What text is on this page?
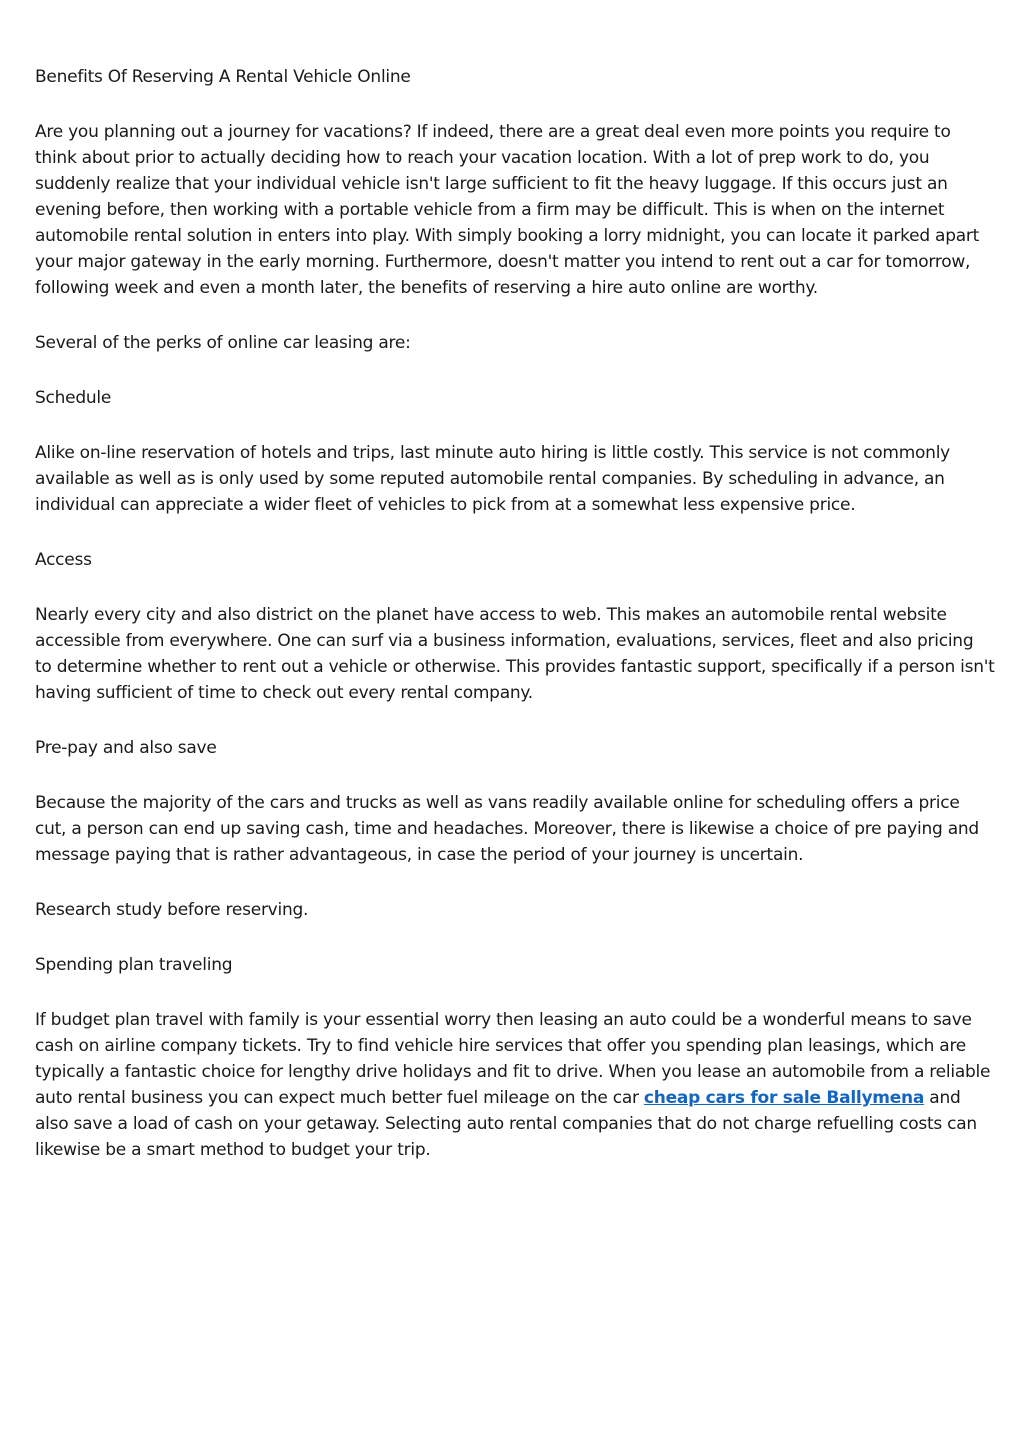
Benefits Of Reserving A Rental Vehicle Online

Are you planning out a journey for vacations? If indeed, there are a great deal even more points you require to think about prior to actually deciding how to reach your vacation location. With a lot of prep work to do, you suddenly realize that your individual vehicle isn't large sufficient to fit the heavy luggage. If this occurs just an evening before, then working with a portable vehicle from a firm may be difficult. This is when on the internet automobile rental solution in enters into play. With simply booking a lorry midnight, you can locate it parked apart your major gateway in the early morning. Furthermore, doesn't matter you intend to rent out a car for tomorrow, following week and even a month later, the benefits of reserving a hire auto online are worthy.

Several of the perks of online car leasing are:

Schedule

Alike on-line reservation of hotels and trips, last minute auto hiring is little costly. This service is not commonly available as well as is only used by some reputed automobile rental companies. By scheduling in advance, an individual can appreciate a wider fleet of vehicles to pick from at a somewhat less expensive price.

Access

Nearly every city and also district on the planet have access to web. This makes an automobile rental website accessible from everywhere. One can surf via a business information, evaluations, services, fleet and also pricing to determine whether to rent out a vehicle or otherwise. This provides fantastic support, specifically if a person isn't having sufficient of time to check out every rental company.

Pre-pay and also save

Because the majority of the cars and trucks as well as vans readily available online for scheduling offers a price cut, a person can end up saving cash, time and headaches. Moreover, there is likewise a choice of pre paying and message paying that is rather advantageous, in case the period of your journey is uncertain.

Research study before reserving.

Spending plan traveling

If budget plan travel with family is your essential worry then leasing an auto could be a wonderful means to save cash on airline company tickets. Try to find vehicle hire services that offer you spending plan leasings, which are typically a fantastic choice for lengthy drive holidays and fit to drive. When you lease an automobile from a reliable auto rental business you can expect much better fuel mileage on the car cheap cars for sale Ballymena and also save a load of cash on your getaway. Selecting auto rental companies that do not charge refuelling costs can likewise be a smart method to budget your trip.
